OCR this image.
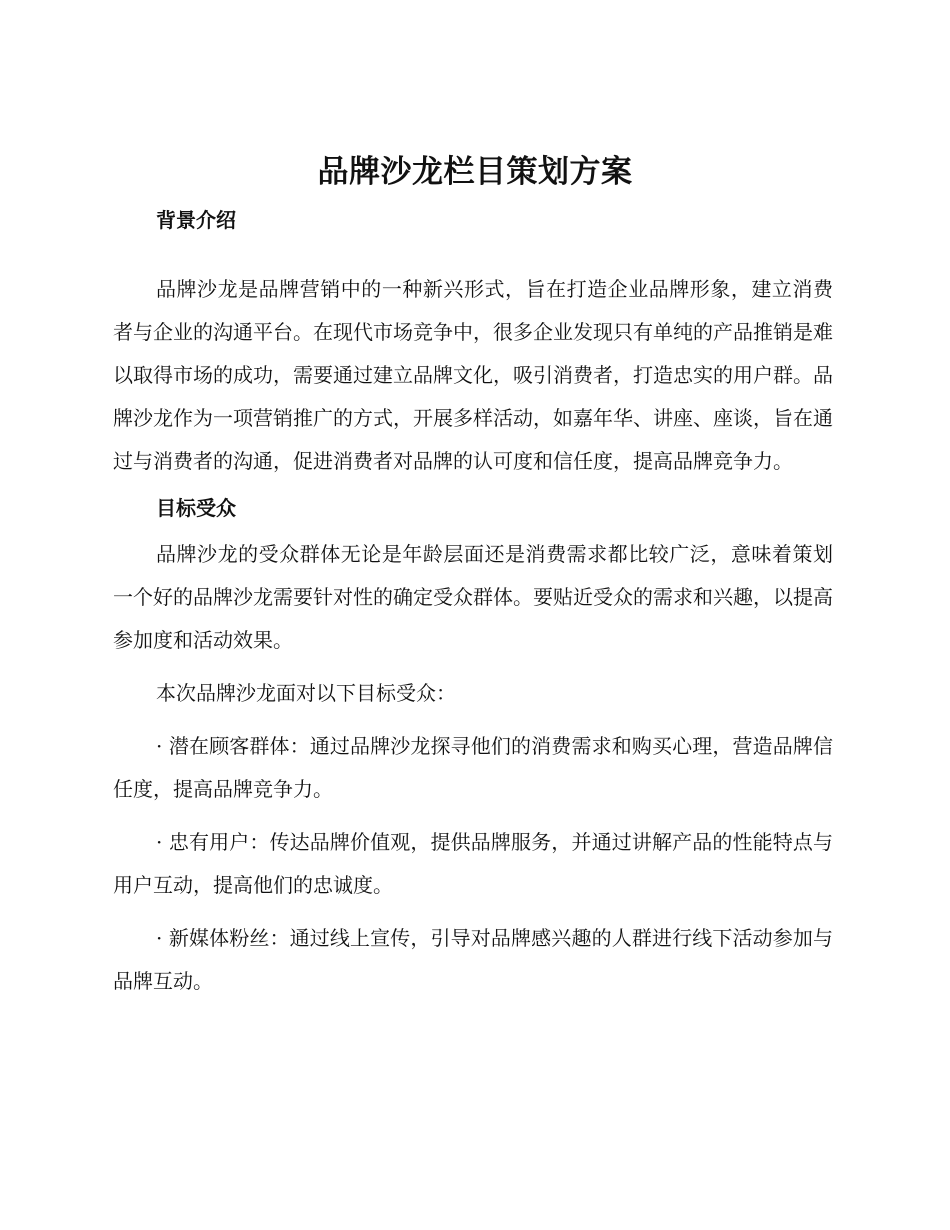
品牌沙龙栏目策划方案
背景介绍
品牌沙龙是品牌营销中的一种新兴形式，旨在打造企业品牌形象，建立消费者与企业的沟通平台。在现代市场竞争中，很多企业发现只有单纯的产品推销是难以取得市场的成功，需要通过建立品牌文化，吸引消费者，打造忠实的用户群。品牌沙龙作为一项营销推广的方式，开展多样活动，如嘉年华、讲座、座谈，旨在通过与消费者的沟通，促进消费者对品牌的认可度和信任度，提高品牌竞争力。
目标受众
品牌沙龙的受众群体无论是年龄层面还是消费需求都比较广泛，意味着策划一个好的品牌沙龙需要针对性的确定受众群体。要贴近受众的需求和兴趣，以提高参加度和活动效果。
本次品牌沙龙面对以下目标受众：
· 潜在顾客群体：通过品牌沙龙探寻他们的消费需求和购买心理，营造品牌信任度，提高品牌竞争力。
· 忠有用户：传达品牌价值观，提供品牌服务，并通过讲解产品的性能特点与用户互动，提高他们的忠诚度。
· 新媒体粉丝：通过线上宣传，引导对品牌感兴趣的人群进行线下活动参加与品牌互动。
